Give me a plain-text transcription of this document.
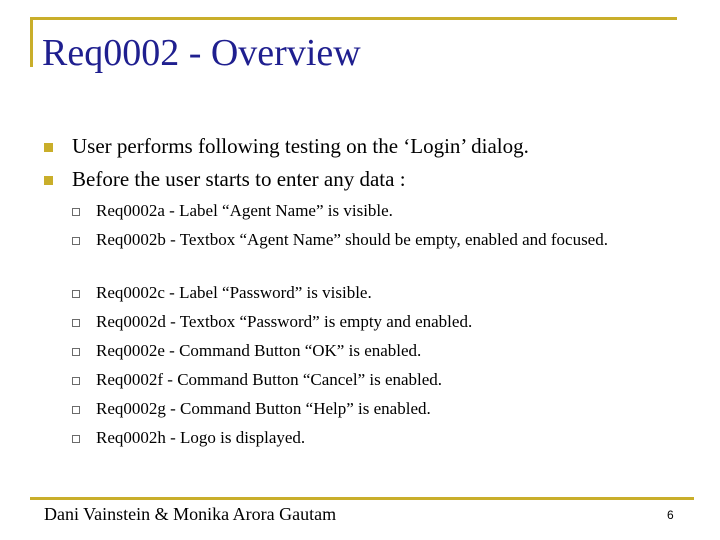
Req0002 - Overview
User performs following testing on the ‘Login’ dialog.
Before the user starts to enter any data :
Req0002a - Label “Agent Name” is visible.
Req0002b - Textbox “Agent Name” should be empty, enabled and focused.
Req0002c - Label “Password” is visible.
Req0002d - Textbox “Password” is empty and enabled.
Req0002e - Command Button “OK” is enabled.
Req0002f - Command Button “Cancel” is enabled.
Req0002g - Command Button “Help” is enabled.
Req0002h - Logo is displayed.
Dani Vainstein & Monika Arora Gautam	6
